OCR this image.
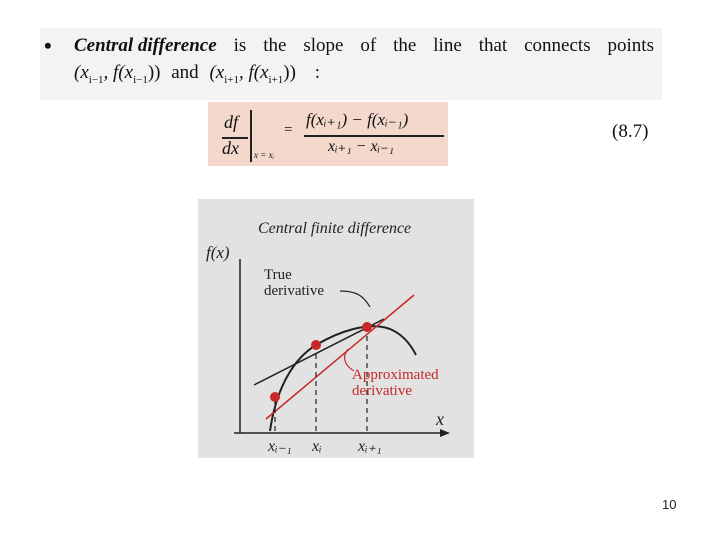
• Central difference is the slope of the line that connects points
($x_{i-1}$, $f(x_{i-1})$) and ($x_{i+1}$, $f(x_{i+1})$) :
df
dx x = xᵢ
=
f(xᵢ₊₁) − f(xᵢ₋₁)
xᵢ₊₁ − xᵢ₋₁
(8.7)
Central finite difference
f(x)
x
True
derivative
Approximated
derivative
xᵢ₋₁ xᵢ xᵢ₊₁
10
